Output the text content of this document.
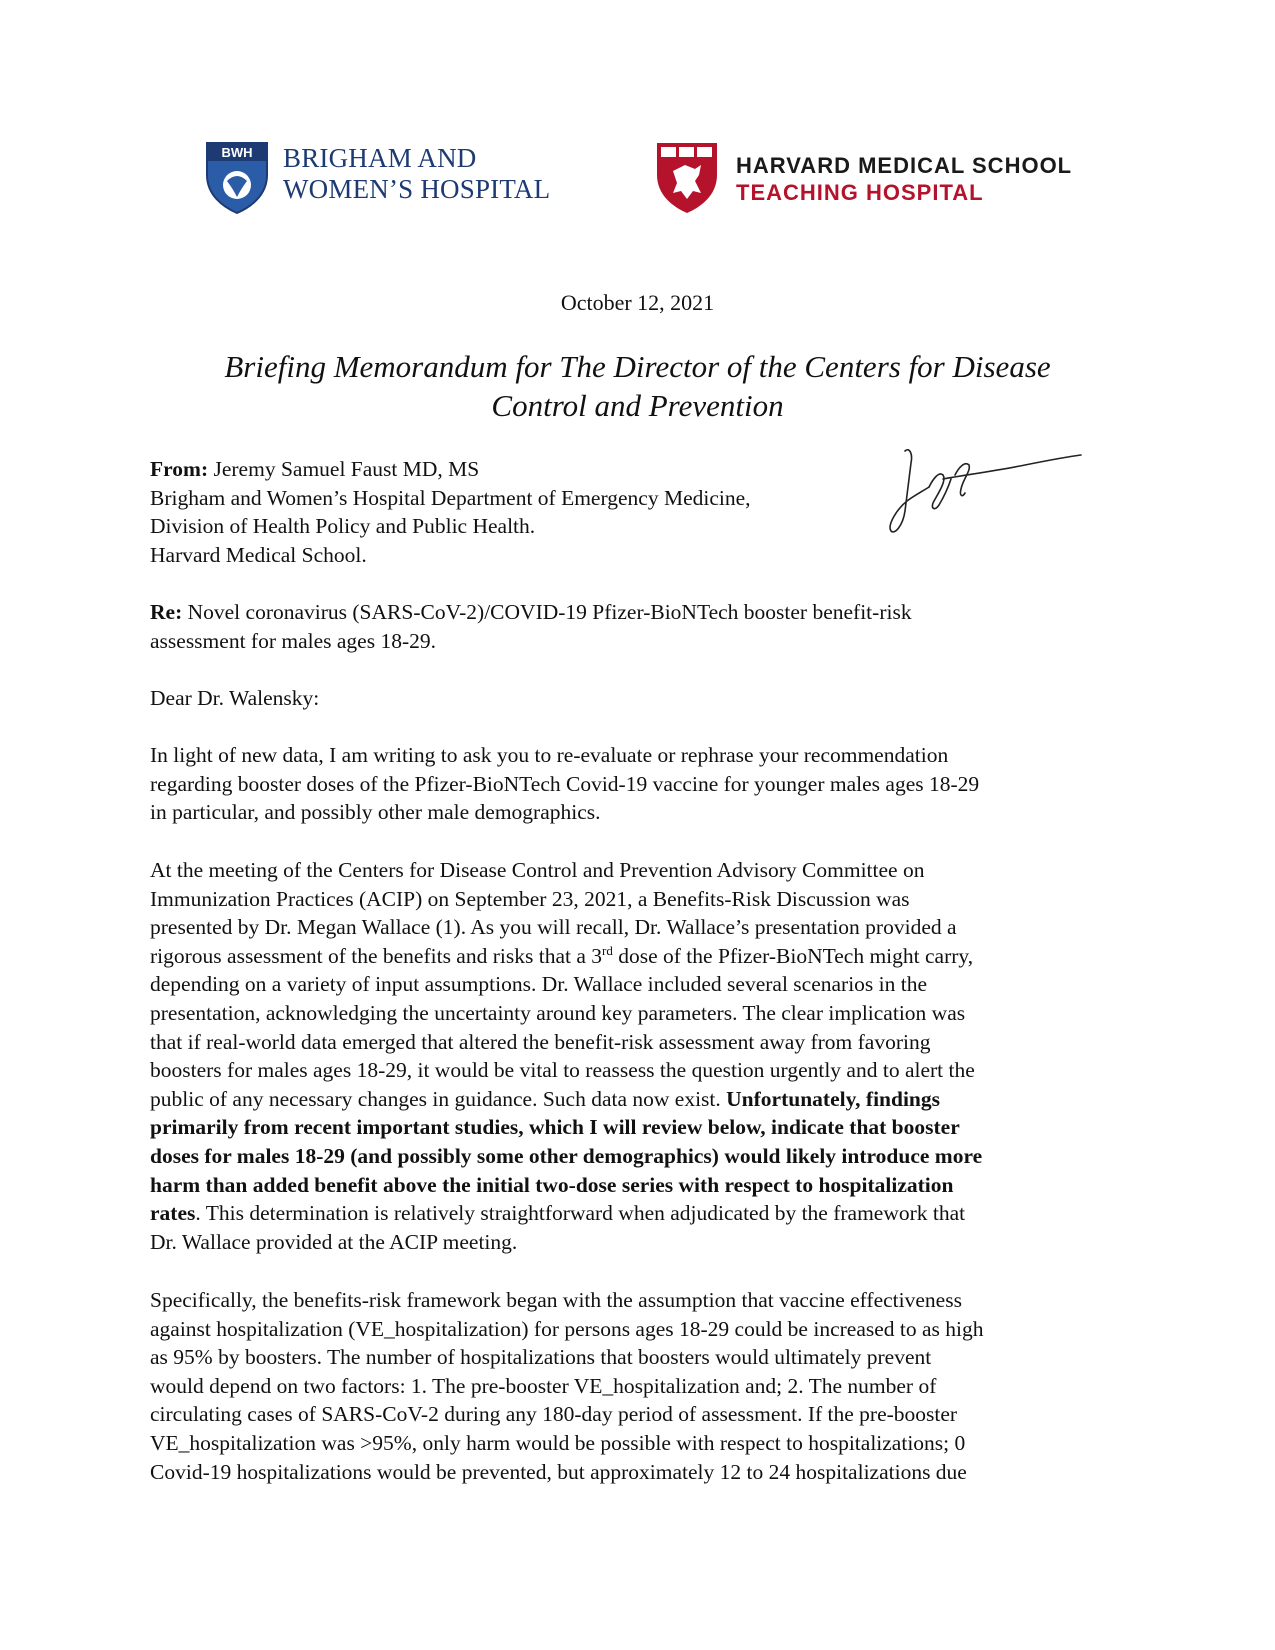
BWH BRIGHAM AND
WOMEN’S HOSPITAL
HARVARD MEDICAL SCHOOL
TEACHING HOSPITAL
October 12, 2021
Briefing Memorandum for The Director of the Centers for Disease
Control and Prevention
From: Jeremy Samuel Faust MD, MS
Brigham and Women’s Hospital Department of Emergency Medicine,
Division of Health Policy and Public Health.
Harvard Medical School.
Re: Novel coronavirus (SARS-CoV-2)/COVID-19 Pfizer-BioNTech booster benefit-risk
assessment for males ages 18-29.
Dear Dr. Walensky:
In light of new data, I am writing to ask you to re-evaluate or rephrase your recommendation
regarding booster doses of the Pfizer-BioNTech Covid-19 vaccine for younger males ages 18-29
in particular, and possibly other male demographics.
At the meeting of the Centers for Disease Control and Prevention Advisory Committee on
Immunization Practices (ACIP) on September 23, 2021, a Benefits-Risk Discussion was
presented by Dr. Megan Wallace (1). As you will recall, Dr. Wallace’s presentation provided a
rigorous assessment of the benefits and risks that a 3rd dose of the Pfizer-BioNTech might carry,
depending on a variety of input assumptions. Dr. Wallace included several scenarios in the
presentation, acknowledging the uncertainty around key parameters. The clear implication was
that if real-world data emerged that altered the benefit-risk assessment away from favoring
boosters for males ages 18-29, it would be vital to reassess the question urgently and to alert the
public of any necessary changes in guidance. Such data now exist. Unfortunately, findings
primarily from recent important studies, which I will review below, indicate that booster
doses for males 18-29 (and possibly some other demographics) would likely introduce more
harm than added benefit above the initial two-dose series with respect to hospitalization
rates. This determination is relatively straightforward when adjudicated by the framework that
Dr. Wallace provided at the ACIP meeting.
Specifically, the benefits-risk framework began with the assumption that vaccine effectiveness
against hospitalization (VE_hospitalization) for persons ages 18-29 could be increased to as high
as 95% by boosters. The number of hospitalizations that boosters would ultimately prevent
would depend on two factors: 1. The pre-booster VE_hospitalization and; 2. The number of
circulating cases of SARS-CoV-2 during any 180-day period of assessment. If the pre-booster
VE_hospitalization was >95%, only harm would be possible with respect to hospitalizations; 0
Covid-19 hospitalizations would be prevented, but approximately 12 to 24 hospitalizations due
